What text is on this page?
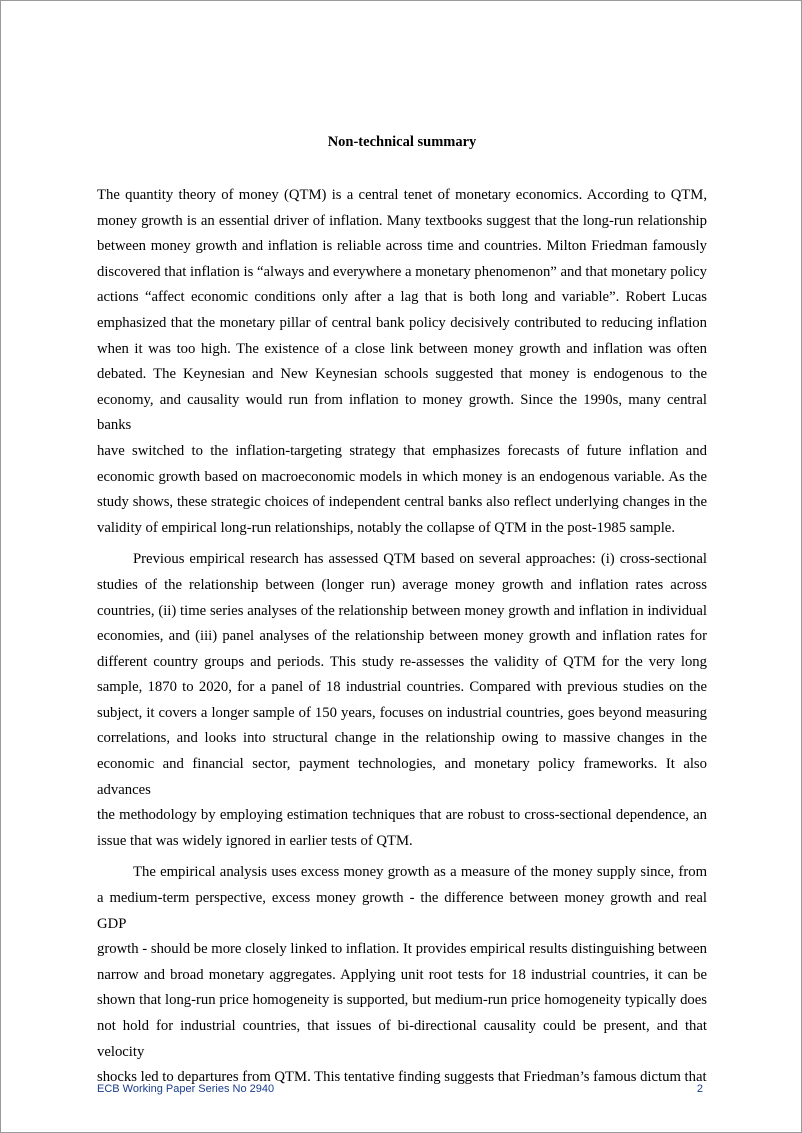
Non-technical summary

The quantity theory of money (QTM) is a central tenet of monetary economics. According to QTM,
money growth is an essential driver of inflation. Many textbooks suggest that the long-run relationship
between money growth and inflation is reliable across time and countries. Milton Friedman famously
discovered that inflation is “always and everywhere a monetary phenomenon” and that monetary policy
actions “affect economic conditions only after a lag that is both long and variable”. Robert Lucas
emphasized that the monetary pillar of central bank policy decisively contributed to reducing inflation
when it was too high. The existence of a close link between money growth and inflation was often
debated. The Keynesian and New Keynesian schools suggested that money is endogenous to the
economy, and causality would run from inflation to money growth. Since the 1990s, many central banks
have switched to the inflation-targeting strategy that emphasizes forecasts of future inflation and
economic growth based on macroeconomic models in which money is an endogenous variable. As the
study shows, these strategic choices of independent central banks also reflect underlying changes in the
validity of empirical long-run relationships, notably the collapse of QTM in the post-1985 sample.

Previous empirical research has assessed QTM based on several approaches: (i) cross-sectional
studies of the relationship between (longer run) average money growth and inflation rates across
countries, (ii) time series analyses of the relationship between money growth and inflation in individual
economies, and (iii) panel analyses of the relationship between money growth and inflation rates for
different country groups and periods. This study re-assesses the validity of QTM for the very long
sample, 1870 to 2020, for a panel of 18 industrial countries. Compared with previous studies on the
subject, it covers a longer sample of 150 years, focuses on industrial countries, goes beyond measuring
correlations, and looks into structural change in the relationship owing to massive changes in the
economic and financial sector, payment technologies, and monetary policy frameworks. It also advances
the methodology by employing estimation techniques that are robust to cross-sectional dependence, an
issue that was widely ignored in earlier tests of QTM.

The empirical analysis uses excess money growth as a measure of the money supply since, from
a medium-term perspective, excess money growth - the difference between money growth and real GDP
growth - should be more closely linked to inflation. It provides empirical results distinguishing between
narrow and broad monetary aggregates. Applying unit root tests for 18 industrial countries, it can be
shown that long-run price homogeneity is supported, but medium-run price homogeneity typically does
not hold for industrial countries, that issues of bi-directional causality could be present, and that velocity
shocks led to departures from QTM. This tentative finding suggests that Friedman’s famous dictum that

ECB Working Paper Series No 2940	2
